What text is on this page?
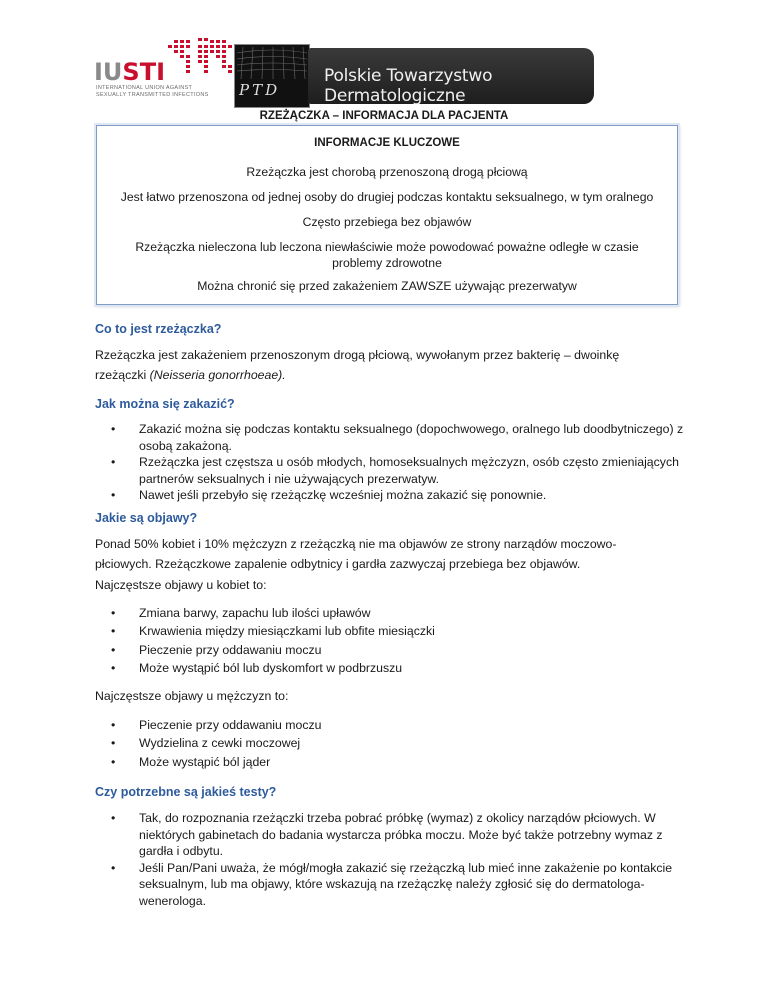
IUSTI
INTERNATIONAL UNION AGAINST
SEXUALLY TRANSMITTED INFECTIONS	PTD
Polskie Towarzystwo Dermatologiczne
RZEŻĄCZKA – INFORMACJA DLA PACJENTA
INFORMACJE KLUCZOWE
Rzeżączka jest chorobą przenoszoną drogą płciową
Jest łatwo przenoszona od jednej osoby do drugiej podczas kontaktu seksualnego, w tym oralnego
Często przebiega bez objawów
Rzeżączka nieleczona lub leczona niewłaściwie może powodować poważne odległe w czasie
problemy zdrowotne
Można chronić się przed zakażeniem ZAWSZE używając prezerwatyw
Co to jest rzeżączka?
Rzeżączka jest zakażeniem przenoszonym drogą płciową, wywołanym przez bakterię – dwoinkę
rzeżączki (Neisseria gonorrhoeae).
Jak można się zakazić?
• Zakazić można się podczas kontaktu seksualnego (dopochwowego, oralnego lub doodbytniczego) z osobą zakażoną.
• Rzeżączka jest częstsza u osób młodych, homoseksualnych mężczyzn, osób często zmieniających partnerów seksualnych i nie używających prezerwatyw.
• Nawet jeśli przebyło się rzeżączkę wcześniej można zakazić się ponownie.
Jakie są objawy?
Ponad 50% kobiet i 10% mężczyzn z rzeżączką nie ma objawów ze strony narządów moczowo-
płciowych. Rzeżączkowe zapalenie odbytnicy i gardła zazwyczaj przebiega bez objawów.
Najczęstsze objawy u kobiet to:
• Zmiana barwy, zapachu lub ilości upławów
• Krwawienia między miesiączkami lub obfite miesiączki
• Pieczenie przy oddawaniu moczu
• Może wystąpić ból lub dyskomfort w podbrzuszu
Najczęstsze objawy u mężczyzn to:
• Pieczenie przy oddawaniu moczu
• Wydzielina z cewki moczowej
• Może wystąpić ból jąder
Czy potrzebne są jakieś testy?
• Tak, do rozpoznania rzeżączki trzeba pobrać próbkę (wymaz) z okolicy narządów płciowych. W niektórych gabinetach do badania wystarcza próbka moczu. Może być także potrzebny wymaz z gardła i odbytu.
• Jeśli Pan/Pani uważa, że mógł/mogła zakazić się rzeżączką lub mieć inne zakażenie po kontakcie seksualnym, lub ma objawy, które wskazują na rzeżączkę należy zgłosić się do dermatologa-wenerologa.
